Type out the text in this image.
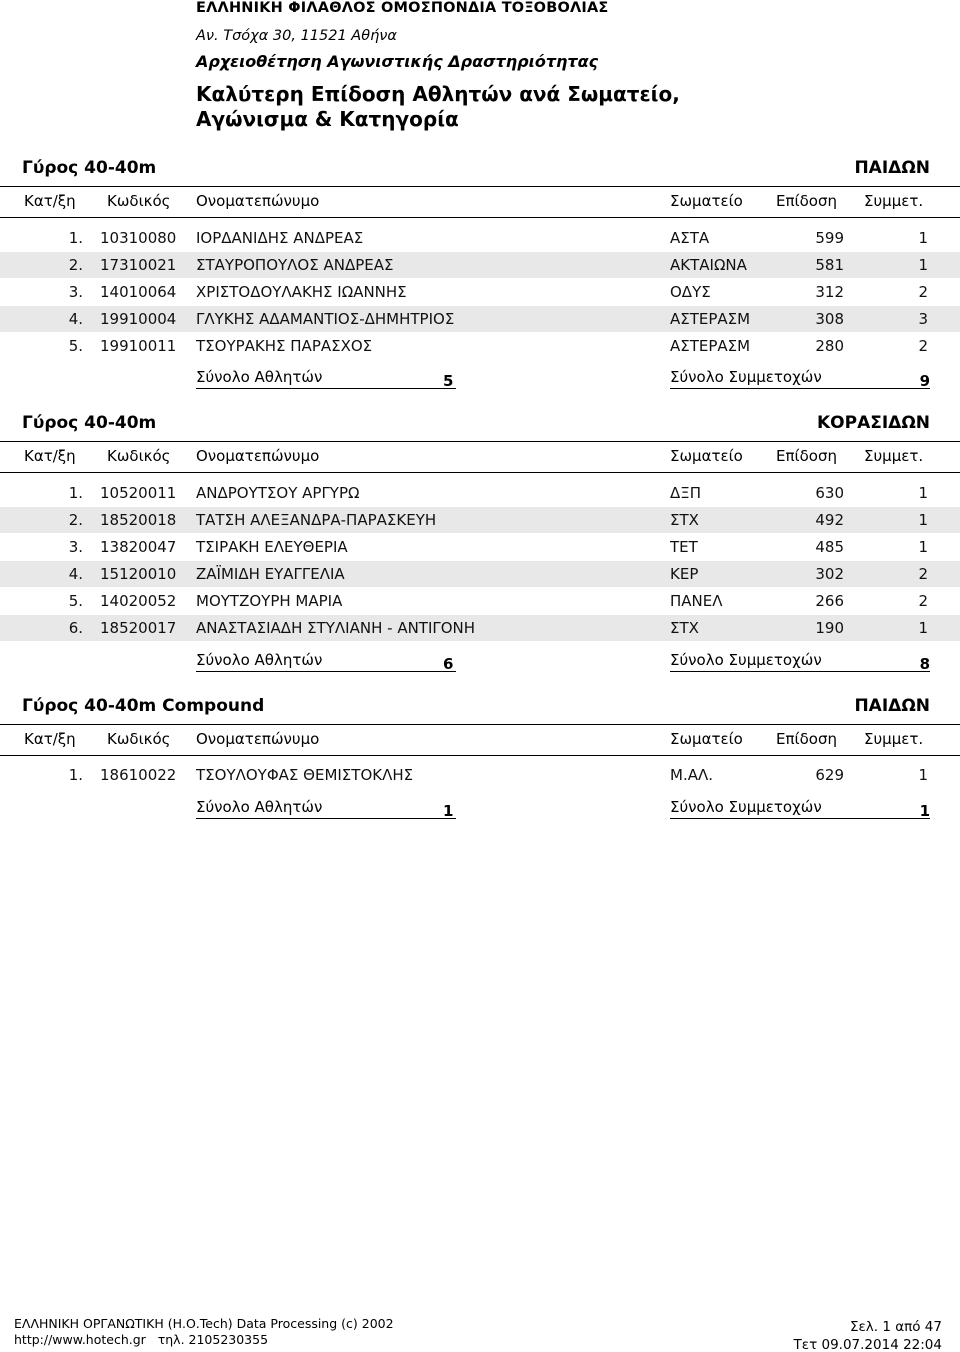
ΕΛΛΗΝΙΚΗ ΦΙΛΑΘΛΟΣ ΟΜΟΣΠΟΝΔΙΑ ΤΟΞΟΒΟΛΙΑΣ
Αν. Τσόχα 30, 11521 Αθήνα
Αρχειοθέτηση Αγωνιστικής Δραστηριότητας
Καλύτερη Επίδοση Αθλητών ανά Σωματείο,
Αγώνισμα & Κατηγορία
Γύρος 40-40m	ΠΑΙΔΩΝ
Κατ/ξη Κωδικός Ονοματεπώνυμο	Σωματείο Επίδοση Συμμετ.
1. 10310080 ΙΟΡΔΑΝΙΔΗΣ ΑΝΔΡΕΑΣ	ΑΣΤΑ	599	1
2. 17310021 ΣΤΑΥΡΟΠΟΥΛΟΣ ΑΝΔΡΕΑΣ	ΑΚΤΑΙΩΝΑ	581	1
3. 14010064 ΧΡΙΣΤΟΔΟΥΛΑΚΗΣ ΙΩΑΝΝΗΣ	ΟΔΥΣ	312	2
4. 19910004 ΓΛΥΚΗΣ ΑΔΑΜΑΝΤΙΟΣ-ΔΗΜΗΤΡΙΟΣ	ΑΣΤΕΡΑΣΜ	308	3
5. 19910011 ΤΣΟΥΡΑΚΗΣ ΠΑΡΑΣΧΟΣ	ΑΣΤΕΡΑΣΜ	280	2
Σύνολο Αθλητών	5	Σύνολο Συμμετοχών	9
Γύρος 40-40m	ΚΟΡΑΣΙΔΩΝ
Κατ/ξη Κωδικός Ονοματεπώνυμο	Σωματείο Επίδοση Συμμετ.
1. 10520011 ΑΝΔΡΟΥΤΣΟΥ ΑΡΓΥΡΩ	ΔΞΠ	630	1
2. 18520018 ΤΑΤΣΗ ΑΛΕΞΑΝΔΡΑ-ΠΑΡΑΣΚΕΥΗ	ΣΤΧ	492	1
3. 13820047 ΤΣΙΡΑΚΗ ΕΛΕΥΘΕΡΙΑ	ΤΕΤ	485	1
4. 15120010 ΖΑΪΜΙΔΗ ΕΥΑΓΓΕΛΙΑ	ΚΕΡ	302	2
5. 14020052 ΜΟΥΤΖΟΥΡΗ ΜΑΡΙΑ	ΠΑΝΕΛ	266	2
6. 18520017 ΑΝΑΣΤΑΣΙΑΔΗ ΣΤΥΛΙΑΝΗ - ΑΝΤΙΓΟΝΗ	ΣΤΧ	190	1
Σύνολο Αθλητών	6	Σύνολο Συμμετοχών	8
Γύρος 40-40m Compound	ΠΑΙΔΩΝ
Κατ/ξη Κωδικός Ονοματεπώνυμο	Σωματείο Επίδοση Συμμετ.
1. 18610022 ΤΣΟΥΛΟΥΦΑΣ ΘΕΜΙΣΤΟΚΛΗΣ	Μ.ΑΛ.	629	1
Σύνολο Αθλητών	1	Σύνολο Συμμετοχών	1
ΕΛΛΗΝΙΚΗ ΟΡΓΑΝΩΤΙΚΗ (Η.Ο.Tech) Data Processing (c) 2002
http://www.hotech.gr τηλ. 2105230355
Σελ. 1 από 47
Τετ 09.07.2014 22:04
